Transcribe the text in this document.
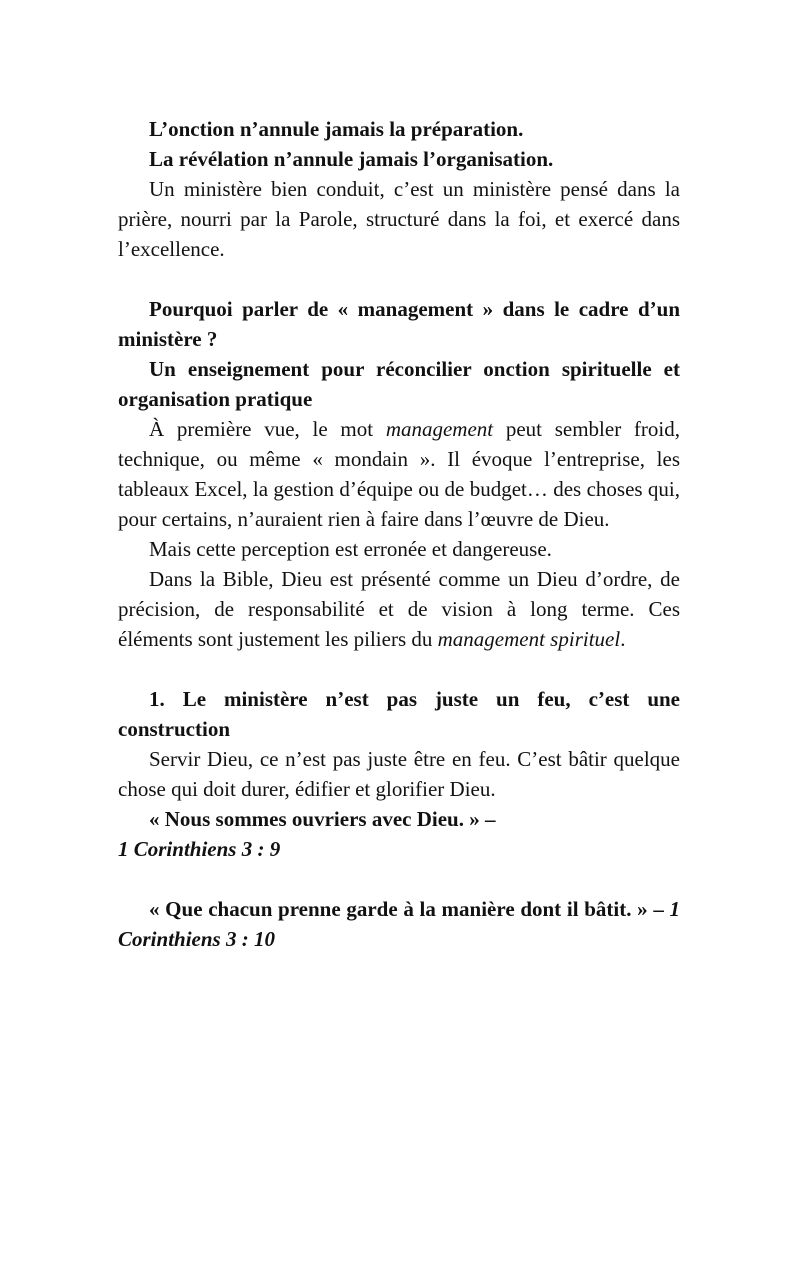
L’onction n’annule jamais la préparation.

La révélation n’annule jamais l’organisation.

Un ministère bien conduit, c’est un ministère pensé dans la prière, nourri par la Parole, structuré dans la foi, et exercé dans l’excellence.

Pourquoi parler de « management » dans le cadre d’un ministère ?

Un enseignement pour réconcilier onction spirituelle et organisation pratique

À première vue, le mot management peut sembler froid, technique, ou même « mondain ». Il évoque l’entreprise, les tableaux Excel, la gestion d’équipe ou de budget… des choses qui, pour certains, n’auraient rien à faire dans l’œuvre de Dieu.

Mais cette perception est erronée et dangereuse.

Dans la Bible, Dieu est présenté comme un Dieu d’ordre, de précision, de responsabilité et de vision à long terme. Ces éléments sont justement les piliers du management spirituel.

1. Le ministère n’est pas juste un feu, c’est une construction

Servir Dieu, ce n’est pas juste être en feu. C’est bâtir quelque chose qui doit durer, édifier et glorifier Dieu.

« Nous sommes ouvriers avec Dieu. » –

1 Corinthiens 3 : 9

« Que chacun prenne garde à la manière dont il bâtit. » – 1 Corinthiens 3 : 10
